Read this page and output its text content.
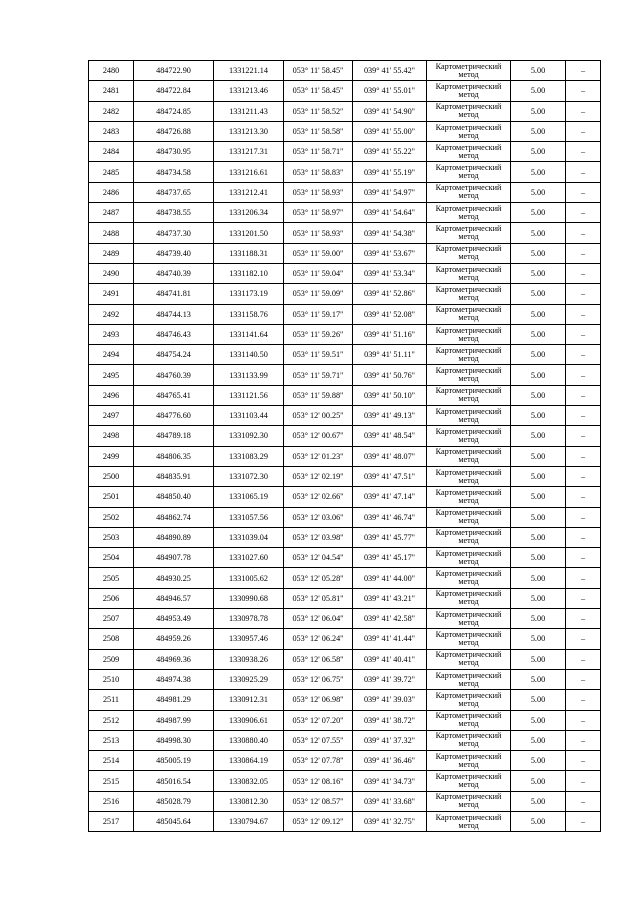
2480	484722.90	1331221.14	053° 11' 58.45"	039° 41' 55.42"	Картометрический
метод	5.00	–
2481	484722.84	1331213.46	053° 11' 58.45"	039° 41' 55.01"	Картометрический
метод	5.00	–
2482	484724.85	1331211.43	053° 11' 58.52"	039° 41' 54.90"	Картометрический
метод	5.00	–
2483	484726.88	1331213.30	053° 11' 58.58"	039° 41' 55.00"	Картометрический
метод	5.00	–
2484	484730.95	1331217.31	053° 11' 58.71"	039° 41' 55.22"	Картометрический
метод	5.00	–
2485	484734.58	1331216.61	053° 11' 58.83"	039° 41' 55.19"	Картометрический
метод	5.00	–
2486	484737.65	1331212.41	053° 11' 58.93"	039° 41' 54.97"	Картометрический
метод	5.00	–
2487	484738.55	1331206.34	053° 11' 58.97"	039° 41' 54.64"	Картометрический
метод	5.00	–
2488	484737.30	1331201.50	053° 11' 58.93"	039° 41' 54.38"	Картометрический
метод	5.00	–
2489	484739.40	1331188.31	053° 11' 59.00"	039° 41' 53.67"	Картометрический
метод	5.00	–
2490	484740.39	1331182.10	053° 11' 59.04"	039° 41' 53.34"	Картометрический
метод	5.00	–
2491	484741.81	1331173.19	053° 11' 59.09"	039° 41' 52.86"	Картометрический
метод	5.00	–
2492	484744.13	1331158.76	053° 11' 59.17"	039° 41' 52.08"	Картометрический
метод	5.00	–
2493	484746.43	1331141.64	053° 11' 59.26"	039° 41' 51.16"	Картометрический
метод	5.00	–
2494	484754.24	1331140.50	053° 11' 59.51"	039° 41' 51.11"	Картометрический
метод	5.00	–
2495	484760.39	1331133.99	053° 11' 59.71"	039° 41' 50.76"	Картометрический
метод	5.00	–
2496	484765.41	1331121.56	053° 11' 59.88"	039° 41' 50.10"	Картометрический
метод	5.00	–
2497	484776.60	1331103.44	053° 12' 00.25"	039° 41' 49.13"	Картометрический
метод	5.00	–
2498	484789.18	1331092.30	053° 12' 00.67"	039° 41' 48.54"	Картометрический
метод	5.00	–
2499	484806.35	1331083.29	053° 12' 01.23"	039° 41' 48.07"	Картометрический
метод	5.00	–
2500	484835.91	1331072.30	053° 12' 02.19"	039° 41' 47.51"	Картометрический
метод	5.00	–
2501	484850.40	1331065.19	053° 12' 02.66"	039° 41' 47.14"	Картометрический
метод	5.00	–
2502	484862.74	1331057.56	053° 12' 03.06"	039° 41' 46.74"	Картометрический
метод	5.00	–
2503	484890.89	1331039.04	053° 12' 03.98"	039° 41' 45.77"	Картометрический
метод	5.00	–
2504	484907.78	1331027.60	053° 12' 04.54"	039° 41' 45.17"	Картометрический
метод	5.00	–
2505	484930.25	1331005.62	053° 12' 05.28"	039° 41' 44.00"	Картометрический
метод	5.00	–
2506	484946.57	1330990.68	053° 12' 05.81"	039° 41' 43.21"	Картометрический
метод	5.00	–
2507	484953.49	1330978.78	053° 12' 06.04"	039° 41' 42.58"	Картометрический
метод	5.00	–
2508	484959.26	1330957.46	053° 12' 06.24"	039° 41' 41.44"	Картометрический
метод	5.00	–
2509	484969.36	1330938.26	053° 12' 06.58"	039° 41' 40.41"	Картометрический
метод	5.00	–
2510	484974.38	1330925.29	053° 12' 06.75"	039° 41' 39.72"	Картометрический
метод	5.00	–
2511	484981.29	1330912.31	053° 12' 06.98"	039° 41' 39.03"	Картометрический
метод	5.00	–
2512	484987.99	1330906.61	053° 12' 07.20"	039° 41' 38.72"	Картометрический
метод	5.00	–
2513	484998.30	1330880.40	053° 12' 07.55"	039° 41' 37.32"	Картометрический
метод	5.00	–
2514	485005.19	1330864.19	053° 12' 07.78"	039° 41' 36.46"	Картометрический
метод	5.00	–
2515	485016.54	1330832.05	053° 12' 08.16"	039° 41' 34.73"	Картометрический
метод	5.00	–
2516	485028.79	1330812.30	053° 12' 08.57"	039° 41' 33.68"	Картометрический
метод	5.00	–
2517	485045.64	1330794.67	053° 12' 09.12"	039° 41' 32.75"	Картометрический
метод	5.00	–
